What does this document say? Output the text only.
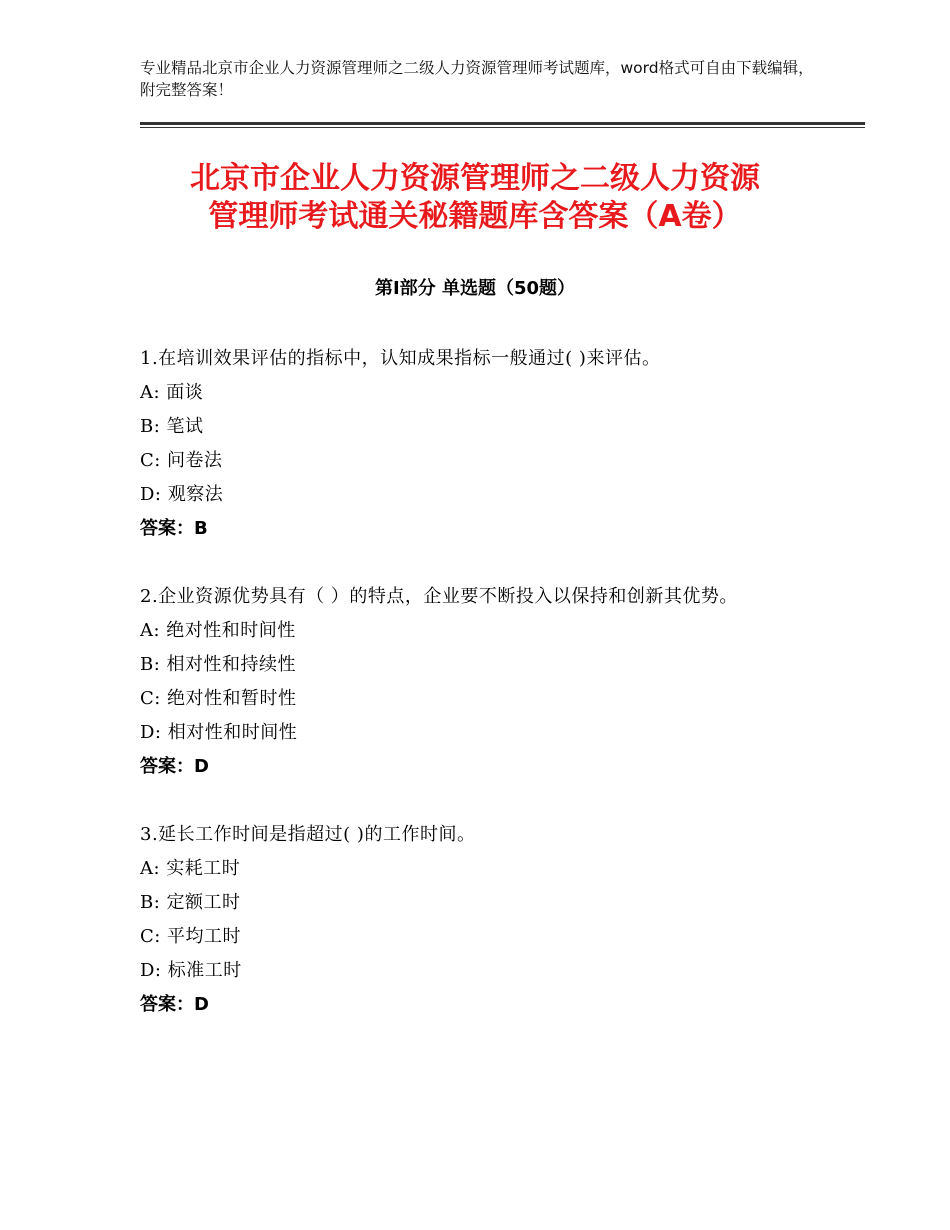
专业精品北京市企业人力资源管理师之二级人力资源管理师考试题库，word格式可自由下载编辑，附完整答案！
北京市企业人力资源管理师之二级人力资源
管理师考试通关秘籍题库含答案（A卷）
第Ⅰ部分 单选题（50题）
1.在培训效果评估的指标中，认知成果指标一般通过( )来评估。
A: 面谈
B: 笔试
C: 问卷法
D: 观察法
答案：B
2.企业资源优势具有（ ）的特点，企业要不断投入以保持和创新其优势。
A: 绝对性和时间性
B: 相对性和持续性
C: 绝对性和暂时性
D: 相对性和时间性
答案：D
3.延长工作时间是指超过( )的工作时间。
A: 实耗工时
B: 定额工时
C: 平均工时
D: 标准工时
答案：D
